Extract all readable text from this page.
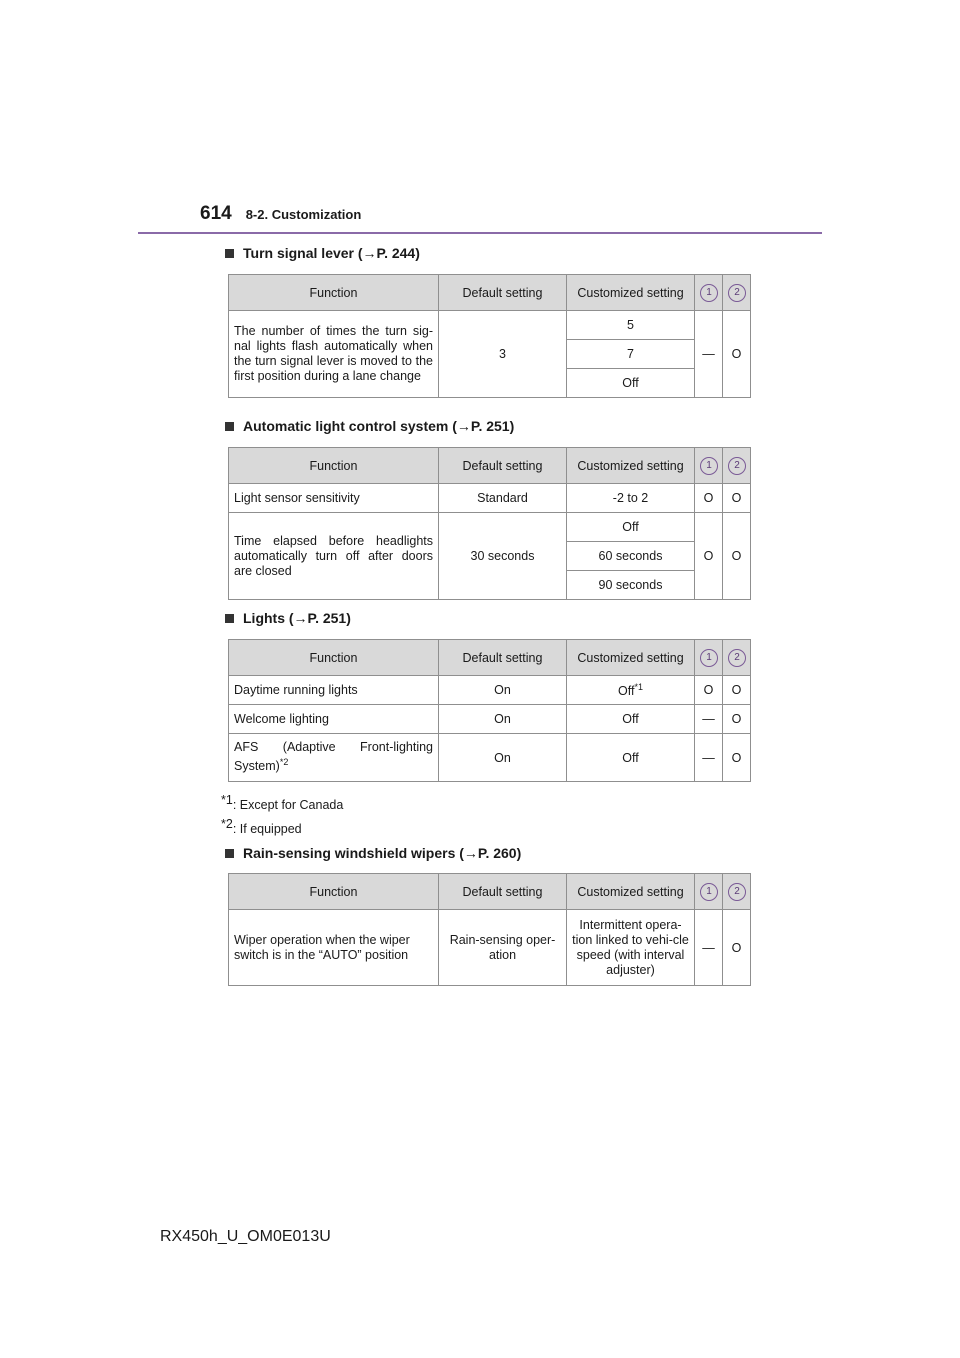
614 8-2. Customization
Turn signal lever (→P. 244)
Function	Default setting	Customized setting	1	2
The number of times the turn sig-nal lights flash automatically when the turn signal lever is moved to the first position during a lane change	3	5	—	O
		7		
		Off		
Automatic light control system (→P. 251)
Function	Default setting	Customized setting	1	2
Light sensor sensitivity	Standard	-2 to 2	O	O
Time elapsed before headlights automatically turn off after doors are closed	30 seconds	Off	O	O
		60 seconds		
		90 seconds		
Lights (→P. 251)
Function	Default setting	Customized setting	1	2
Daytime running lights	On	Off$^{*1}$	O	O
Welcome lighting	On	Off	—	O
AFS (Adaptive Front-lighting System)$^{*2}$	On	Off	—	O
$^{*1}$: Except for Canada
$^{*2}$: If equipped
Rain-sensing windshield wipers (→P. 260)
Function	Default setting	Customized setting	1	2
Wiper operation when the wiper switch is in the “AUTO” position	Rain-sensing oper-ation	Intermittent opera-tion linked to vehi-cle speed (with interval adjuster)	—	O
RX450h_U_OM0E013U
